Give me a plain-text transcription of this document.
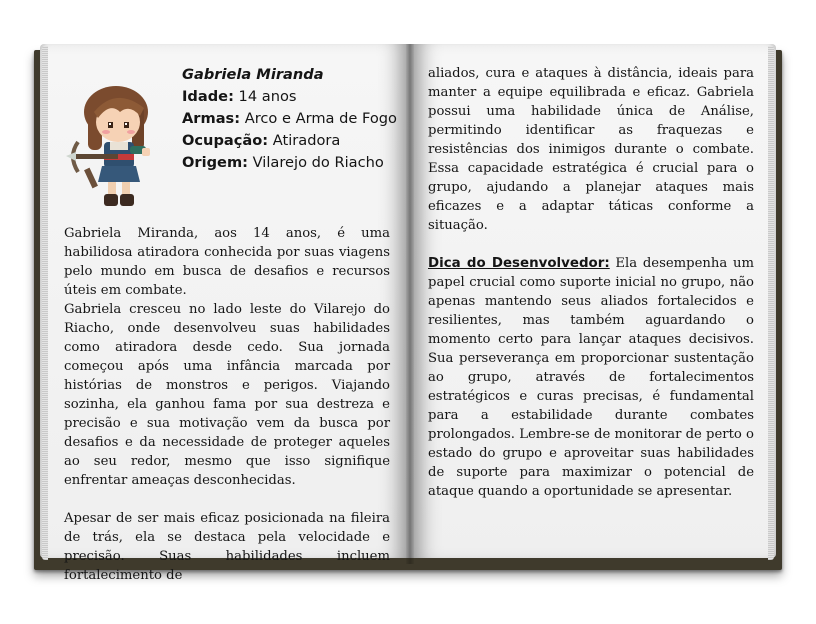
Gabriela Miranda
Idade: 14 anos
Armas: Arco e Arma de Fogo
Ocupação: Atiradora
Origem: Vilarejo do Riacho

Gabriela Miranda, aos 14 anos, é uma habilidosa atiradora conhecida por suas viagens pelo mundo em busca de desafios e recursos úteis em combate.

Gabriela cresceu no lado leste do Vilarejo do Riacho, onde desenvolveu suas habilidades como atiradora desde cedo. Sua jornada começou após uma infância marcada por histórias de monstros e perigos. Viajando sozinha, ela ganhou fama por sua destreza e precisão e sua motivação vem da busca por desafios e da necessidade de proteger aqueles ao seu redor, mesmo que isso signifique enfrentar ameaças desconhecidas.

Apesar de ser mais eficaz posicionada na fileira de trás, ela se destaca pela velocidade e precisão. Suas habilidades incluem fortalecimento de

aliados, cura e ataques à distância, ideais para manter a equipe equilibrada e eficaz. Gabriela possui uma habilidade única de Análise, permitindo identificar as fraquezas e resistências dos inimigos durante o combate. Essa capacidade estratégica é crucial para o grupo, ajudando a planejar ataques mais eficazes e a adaptar táticas conforme a situação.

Dica do Desenvolvedor: Ela desempenha um papel crucial como suporte inicial no grupo, não apenas mantendo seus aliados fortalecidos e resilientes, mas também aguardando o momento certo para lançar ataques decisivos. Sua perseverança em proporcionar sustentação ao grupo, através de fortalecimentos estratégicos e curas precisas, é fundamental para a estabilidade durante combates prolongados. Lembre-se de monitorar de perto o estado do grupo e aproveitar suas habilidades de suporte para maximizar o potencial de ataque quando a oportunidade se apresentar.
